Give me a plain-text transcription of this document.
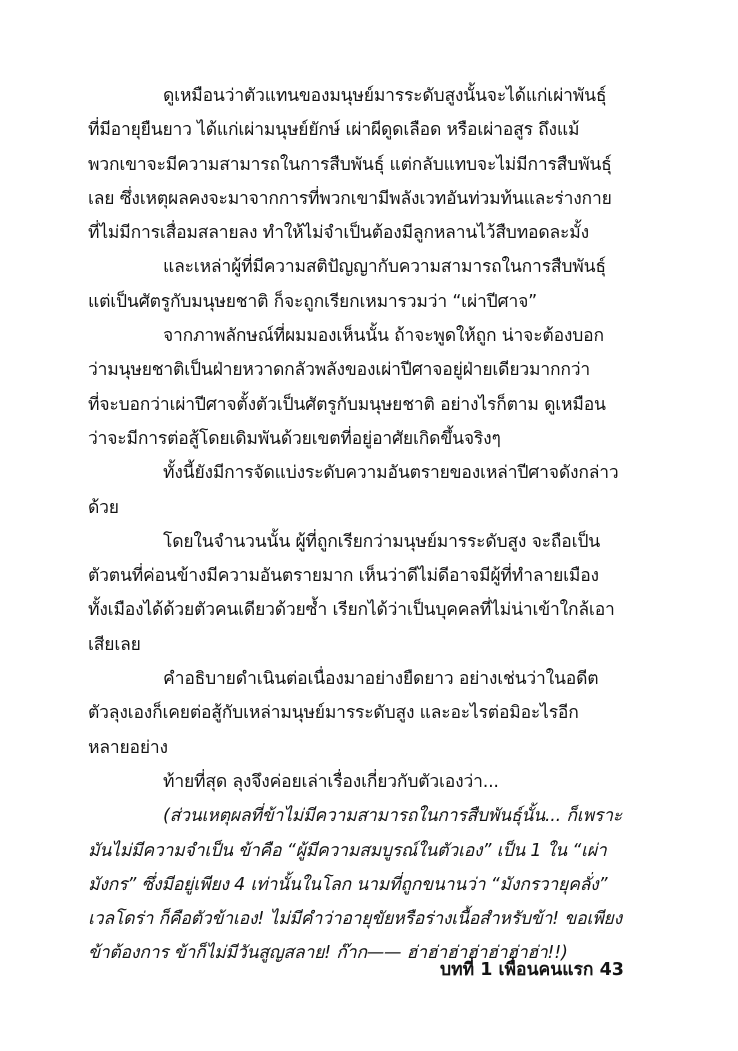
ดูเหมือนว่าตัวแทนของมนุษย์มารระดับสูงนั้นจะได้แก่เผ่าพันธุ์
ที่มีอายุยืนยาว ได้แก่เผ่ามนุษย์ยักษ์ เผ่าผีดูดเลือด หรือเผ่าอสูร ถึงแม้
พวกเขาจะมีความสามารถในการสืบพันธุ์ แต่กลับแทบจะไม่มีการสืบพันธุ์
เลย ซึ่งเหตุผลคงจะมาจากการที่พวกเขามีพลังเวทอันท่วมท้นและร่างกาย
ที่ไม่มีการเสื่อมสลายลง ทำให้ไม่จำเป็นต้องมีลูกหลานไว้สืบทอดละมั้ง
และเหล่าผู้ที่มีความสติปัญญากับความสามารถในการสืบพันธุ์
แต่เป็นศัตรูกับมนุษยชาติ ก็จะถูกเรียกเหมารวมว่า “เผ่าปีศาจ”
จากภาพลักษณ์ที่ผมมองเห็นนั้น ถ้าจะพูดให้ถูก น่าจะต้องบอก
ว่ามนุษยชาติเป็นฝ่ายหวาดกลัวพลังของเผ่าปีศาจอยู่ฝ่ายเดียวมากกว่า
ที่จะบอกว่าเผ่าปีศาจตั้งตัวเป็นศัตรูกับมนุษยชาติ อย่างไรก็ตาม ดูเหมือน
ว่าจะมีการต่อสู้โดยเดิมพันด้วยเขตที่อยู่อาศัยเกิดขึ้นจริงๆ
ทั้งนี้ยังมีการจัดแบ่งระดับความอันตรายของเหล่าปีศาจดังกล่าว
ด้วย
โดยในจำนวนนั้น ผู้ที่ถูกเรียกว่ามนุษย์มารระดับสูง จะถือเป็น
ตัวตนที่ค่อนข้างมีความอันตรายมาก เห็นว่าดีไม่ดีอาจมีผู้ที่ทำลายเมือง
ทั้งเมืองได้ด้วยตัวคนเดียวด้วยซ้ำ เรียกได้ว่าเป็นบุคคลที่ไม่น่าเข้าใกล้เอา
เสียเลย
คำอธิบายดำเนินต่อเนื่องมาอย่างยืดยาว อย่างเช่นว่าในอดีต
ตัวลุงเองก็เคยต่อสู้กับเหล่ามนุษย์มารระดับสูง และอะไรต่อมิอะไรอีก
หลายอย่าง
ท้ายที่สุด ลุงจึงค่อยเล่าเรื่องเกี่ยวกับตัวเองว่า...
(ส่วนเหตุผลที่ข้าไม่มีความสามารถในการสืบพันธุ์นั้น... ก็เพราะ
มันไม่มีความจำเป็น ข้าคือ “ผู้มีความสมบูรณ์ในตัวเอง” เป็น 1 ใน “เผ่า
มังกร” ซึ่งมีอยู่เพียง 4 เท่านั้นในโลก นามที่ถูกขนานว่า “มังกรวายุคลั่ง”
เวลโดร่า ก็คือตัวข้าเอง! ไม่มีคำว่าอายุขัยหรือร่างเนื้อสำหรับข้า! ขอเพียง
ข้าต้องการ ข้าก็ไม่มีวันสูญสลาย! ก๊าก—— ฮ่าฮ่าฮ่าฮ่าฮ่าฮ่าฮ่า!!)
บทที่ 1 เพื่อนคนแรก 43
